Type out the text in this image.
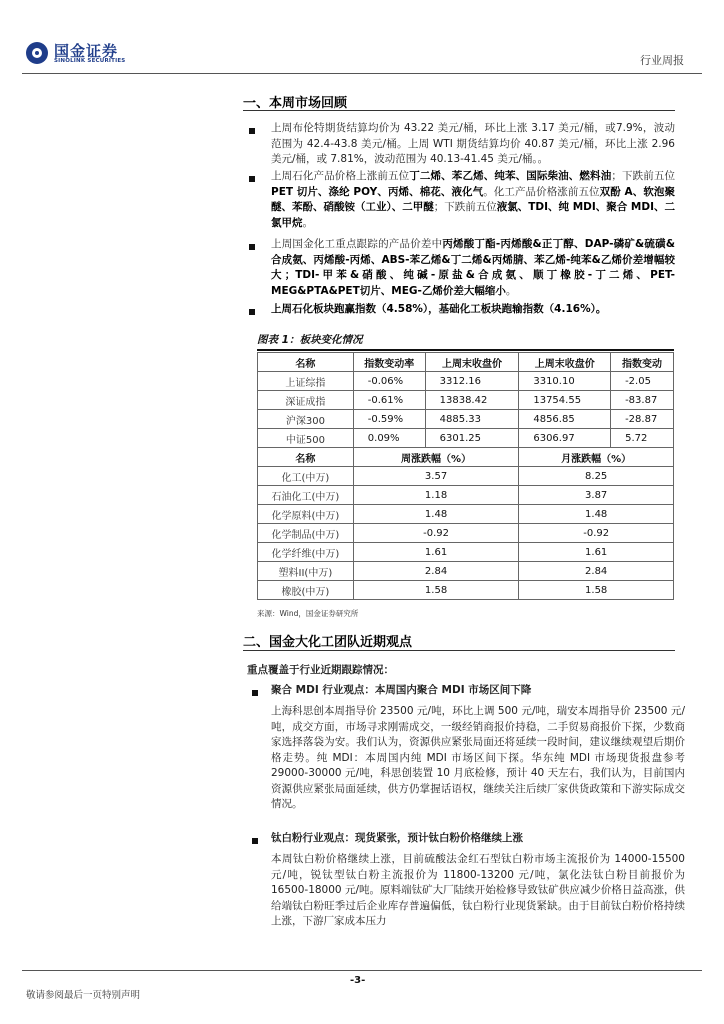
国金证券
SINOLINK SECURITIES	行业周报
一、本周市场回顾
上周布伦特期货结算均价为 43.22 美元/桶，环比上涨 3.17 美元/桶，或7.9%，波动范围为 42.4-43.8 美元/桶。上周 WTI 期货结算均价 40.87 美元/桶，环比上涨 2.96 美元/桶，或 7.81%，波动范围为 40.13-41.45 美元/桶。。
上周石化产品价格上涨前五位丁二烯、苯乙烯、纯苯、国际柴油、燃料油；下跌前五位 PET 切片、涤纶 POY、丙烯、棉花、液化气。化工产品价格涨前五位双酚 A、软泡聚醚、苯酚、硝酸铵（工业）、二甲醚；下跌前五位液氯、TDI、纯 MDI、聚合 MDI、二氯甲烷。
上周国金化工重点跟踪的产品价差中丙烯酸丁酯-丙烯酸&正丁醇、DAP-磷矿&硫磺&合成氨、丙烯酸-丙烯、ABS-苯乙烯&丁二烯&丙烯腈、苯乙烯-纯苯&乙烯价差增幅较大；TDI-甲苯&硝酸、纯碱-原盐&合成氨、顺丁橡胶-丁二烯、PET-MEG&PTA&PET切片、MEG-乙烯价差大幅缩小。
上周石化板块跑赢指数（4.58%），基础化工板块跑输指数（4.16%）。
图表 1：板块变化情况
名称	指数变动率	上周末收盘价	上周末收盘价	指数变动
上证综指	-0.06%	3312.16	3310.10	-2.05
深证成指	-0.61%	13838.42	13754.55	-83.87
沪深300	-0.59%	4885.33	4856.85	-28.87
中证500	0.09%	6301.25	6306.97	5.72
名称	周涨跌幅（%）		月涨跌幅（%）	
化工(中万)	3.57		8.25	
石油化工(中万)	1.18		3.87	
化学原料(中万)	1.48		1.48	
化学制品(中万)	-0.92		-0.92	
化学纤维(中万)	1.61		1.61	
塑料II(中万)	2.84		2.84	
橡胶(中万)	1.58		1.58	
来源：Wind，国金证券研究所
二、国金大化工团队近期观点
重点覆盖于行业近期跟踪情况：
聚合 MDI 行业观点：本周国内聚合 MDI 市场区间下降
上海科思创本周指导价 23500 元/吨，环比上调 500 元/吨，瑞安本周指导价 23500 元/吨，成交方面，市场寻求刚需成交，一级经销商报价持稳，二手贸易商报价下探，少数商家选择落袋为安。我们认为，资源供应紧张局面还将延续一段时间，建议继续观望后期价格走势。纯 MDI：本周国内纯 MDI 市场区间下探。华东纯 MDI 市场现货报盘参考 29000-30000 元/吨，科思创装置 10 月底检修，预计 40 天左右，我们认为，目前国内资源供应紧张局面延续，供方仍掌握话语权，继续关注后续厂家供货政策和下游实际成交情况。
钛白粉行业观点：现货紧张，预计钛白粉价格继续上涨
本周钛白粉价格继续上涨，目前硫酸法金红石型钛白粉市场主流报价为 14000-15500 元/吨，锐钛型钛白粉主流报价为 11800-13200 元/吨，氯化法钛白粉目前报价为 16500-18000 元/吨。原料端钛矿大厂陆续开始检修导致钛矿供应减少价格日益高涨，供给端钛白粉旺季过后企业库存普遍偏低，钛白粉行业现货紧缺。由于目前钛白粉价格持续上涨，下游厂家成本压力
-3-
敬请参阅最后一页特别声明
